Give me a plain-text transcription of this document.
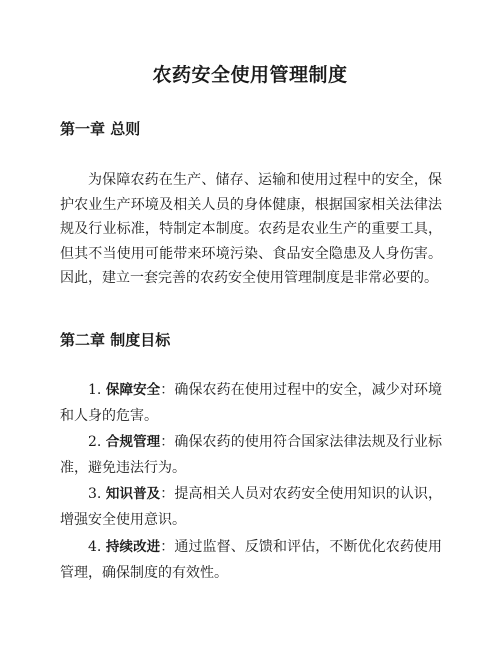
农药安全使用管理制度
第一章 总则
为保障农药在生产、储存、运输和使用过程中的安全，保护农业生产环境及相关人员的身体健康，根据国家相关法律法规及行业标准，特制定本制度。农药是农业生产的重要工具，但其不当使用可能带来环境污染、食品安全隐患及人身伤害。因此，建立一套完善的农药安全使用管理制度是非常必要的。
第二章 制度目标
1. 保障安全：确保农药在使用过程中的安全，减少对环境和人身的危害。
2. 合规管理：确保农药的使用符合国家法律法规及行业标准，避免违法行为。
3. 知识普及：提高相关人员对农药安全使用知识的认识，增强安全使用意识。
4. 持续改进：通过监督、反馈和评估，不断优化农药使用管理，确保制度的有效性。
